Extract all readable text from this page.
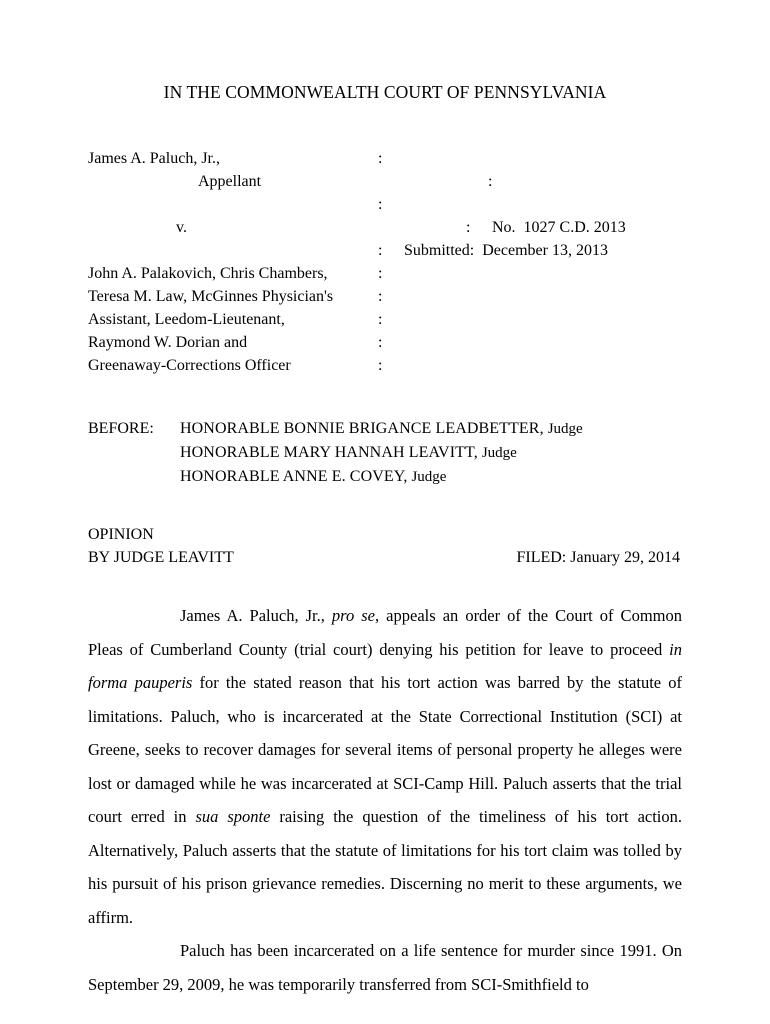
IN THE COMMONWEALTH COURT OF PENNSYLVANIA
James A. Paluch, Jr.,	:
Appellant	:
:
v.	:	No.  1027 C.D. 2013
:	Submitted:  December 13, 2013
John A. Palakovich, Chris Chambers,	:
Teresa M. Law, McGinnes Physician's	:
Assistant, Leedom-Lieutenant,	:
Raymond W. Dorian and	:
Greenaway-Corrections Officer	:
BEFORE:	HONORABLE BONNIE BRIGANCE LEADBETTER, Judge
HONORABLE MARY HANNAH LEAVITT, Judge
HONORABLE ANNE E. COVEY, Judge
OPINION
BY JUDGE LEAVITT	FILED: January 29, 2014

James A. Paluch, Jr., pro se, appeals an order of the Court of Common Pleas of Cumberland County (trial court) denying his petition for leave to proceed in forma pauperis for the stated reason that his tort action was barred by the statute of limitations. Paluch, who is incarcerated at the State Correctional Institution (SCI) at Greene, seeks to recover damages for several items of personal property he alleges were lost or damaged while he was incarcerated at SCI-Camp Hill. Paluch asserts that the trial court erred in sua sponte raising the question of the timeliness of his tort action. Alternatively, Paluch asserts that the statute of limitations for his tort claim was tolled by his pursuit of his prison grievance remedies. Discerning no merit to these arguments, we affirm.

Paluch has been incarcerated on a life sentence for murder since 1991. On September 29, 2009, he was temporarily transferred from SCI-Smithfield to
